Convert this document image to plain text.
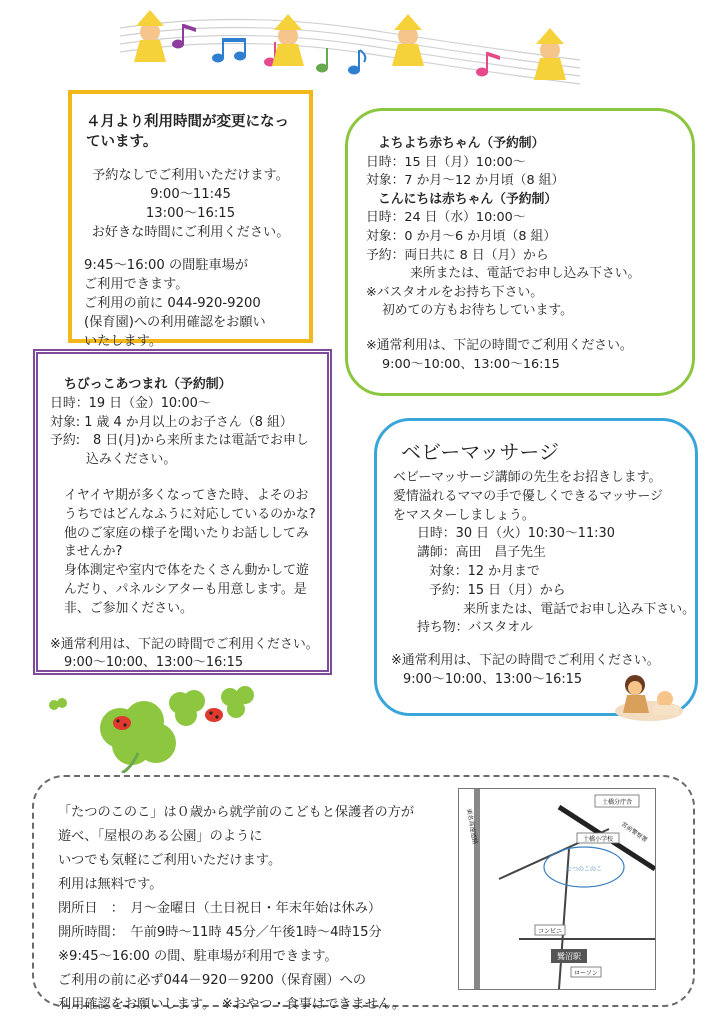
４月より利用時間が変更になっています。
予約なしでご利用いただけます。
9:00～11:45
13:00～16:15
お好きな時間にご利用ください。
9:45～16:00 の間駐車場が
ご利用できます。
ご利用の前に 044-920-9200
(保育園)への利用確認をお願い
いたします。
よちよち赤ちゃん（予約制）
日時：15 日（月）10:00～
対象：7 か月～12 か月頃（8 組）
こんにちは赤ちゃん（予約制）
日時：24 日（水）10:00～
対象：0 か月～6 か月頃（8 組）
予約：両日共に 8 日（月）から
来所または、電話でお申し込み下さい。
※バスタオルをお持ち下さい。
初めての方もお待ちしています。
※通常利用は、下記の時間でご利用ください。
9:00～10:00、13:00～16:15
ちびっこあつまれ（予約制）
日時：19 日（金）10:00～
対象: 1 歳 4 か月以上のお子さん（8 組）
予約:　8 日(月)から来所または電話でお申し
込みください。
イヤイヤ期が多くなってきた時、よそのおうちではどんなふうに対応しているのかな?他のご家庭の様子を聞いたりお話ししてみませんか?
身体測定や室内で体をたくさん動かして遊んだり、パネルシアターも用意します。是非、ご参加ください。
※通常利用は、下記の時間でご利用ください。
9:00～10:00、13:00～16:15
ベビーマッサージ
ベビーマッサージ講師の先生をお招きします。
愛情溢れるママの手で優しくできるマッサージ
をマスターしましょう。
日時：30 日（火）10:30～11:30
講師：高田　昌子先生
対象：12 か月まで
予約：15 日（月）から
来所または、電話でお申し込み下さい。
持ち物：バスタオル
※通常利用は、下記の時間でご利用ください。
9:00～10:00、13:00～16:15
「たつのこのこ」は０歳から就学前のこどもと保護者の方が
遊べ、「屋根のある公園」のように
いつでも気軽にご利用いただけます。
利用は無料です。
閉所日　：　月～金曜日（土日祝日・年末年始は休み）
開所時間：　午前9時～11時 45分／午後1時～4時15分
※9:45～16:00 の間、駐車場が利用できます。
ご利用の前に必ず044－920－9200（保育園）への
利用確認をお願いします。　※おやつ・食事はできません。
土橋分庁舎
宮前警察署
東名高速道路	土橋小学校
たつのこのこ
コンビニ
鷺沼駅
ローソン
